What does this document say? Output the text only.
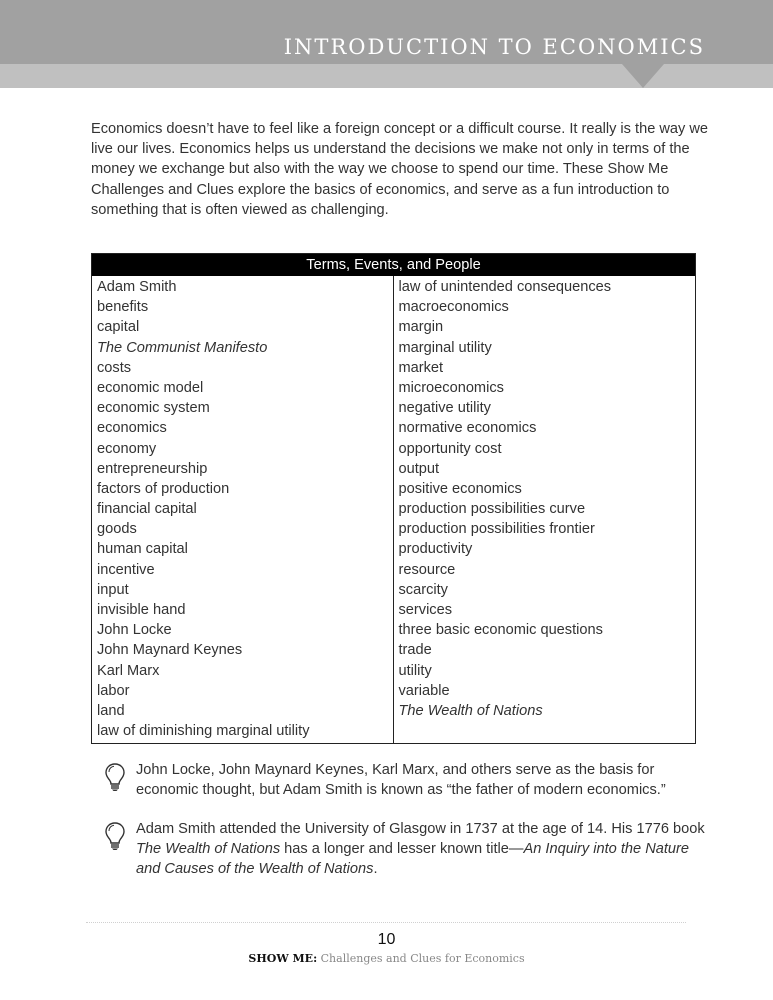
INTRODUCTION TO ECONOMICS

Economics doesn’t have to feel like a foreign concept or a difficult course. It really is the way we live our lives. Economics helps us understand the decisions we make not only in terms of the money we exchange but also with the way we choose to spend our time. These Show Me Challenges and Clues explore the basics of economics, and serve as a fun introduction to something that is often viewed as challenging.

Terms, Events, and People
Adam Smith
benefits
capital
The Communist Manifesto
costs
economic model
economic system
economics
economy
entrepreneurship
factors of production
financial capital
goods
human capital
incentive
input
invisible hand
John Locke
John Maynard Keynes
Karl Marx
labor
land
law of diminishing marginal utility
law of unintended consequences
macroeconomics
margin
marginal utility
market
microeconomics
negative utility
normative economics
opportunity cost
output
positive economics
production possibilities curve
production possibilities frontier
productivity
resource
scarcity
services
three basic economic questions
trade
utility
variable
The Wealth of Nations
John Locke, John Maynard Keynes, Karl Marx, and others serve as the basis for economic thought, but Adam Smith is known as “the father of modern economics.”
Adam Smith attended the University of Glasgow in 1737 at the age of 14. His 1776 book The Wealth of Nations has a longer and lesser known title—An Inquiry into the Nature and Causes of the Wealth of Nations.
10
SHOW ME: Challenges and Clues for Economics
